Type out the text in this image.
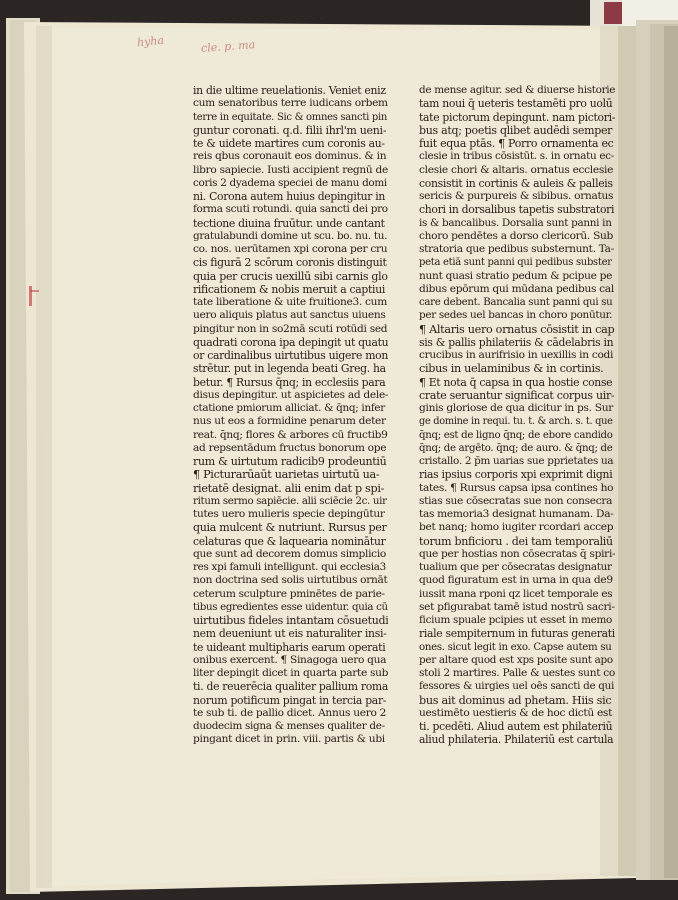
hyha	cle. p. ma
in die ultime reuelationis. Veniet eniz
cum senatoribus terre iudicans orbem
terre in equitate. Sic & omnes sancti pin
guntur coronati. q.d. filii ihrl'm ueni-
te & uidete martires cum coronis au-
reis qbus coronauit eos dominus. & in
libro sapiecie. Iusti accipient regnū de
coris 2 dyadema speciei de manu domi
ni. Corona autem huius depingitur in
forma scuti rotundi. quia sancti dei pro
tectione diuina fruūtur. unde cantant
gratulabundi domine ut scu. bo. nu. tu.
co. nos. uerūtamen xpi corona per cru
cis figurā 2 scōrum coronis distinguit
quia per crucis uexillū sibi carnis glo
rificationem & nobis meruit a captiui
tate liberatione & uite fruitione3. cum
uero aliquis platus aut sanctus uiuens
pingitur non in so2mā scuti rotūdi sed
quadrati corona ipa depingit ut quatu
or cardinalibus uirtutibus uigere mon
strētur. put in legenda beati Greg. ha
betur. ¶ Rursus q̄nq; in ecclesiis para
disus depingitur. ut aspicietes ad dele-
ctatione pmiorum alliciat. & q̄nq; infer
nus ut eos a formidine penarum deter
reat. q̄nq; flores & arbores cū fructib9
ad repsentādum fructus bonorum ope
rum & uirtutum radicib9 prodeuntiū
¶ Picturarūaūt uarietas uirtutū ua-
rietatē designat. alii enim dat p spi-
ritum sermo sapiēcie. alii sciēcie 2c. uir
tutes uero mulieris specie depingūtur
quia mulcent & nutriunt. Rursus per
celaturas que & laquearia nominātur
que sunt ad decorem domus simplicio
res xpi famuli intelligunt. qui ecclesia3
non doctrina sed solis uirtutibus ornāt
ceterum sculpture pminētes de parie-
tibus egredientes esse uidentur. quia cū
uirtutibus fideles intantam cōsuetudi
nem deueniunt ut eis naturaliter insi-
te uideant multipharis earum operati
onibus exercent. ¶ Sinagoga uero qua
liter depingit dicet in quarta parte sub
ti. de reuerēcia qualiter pallium roma
norum potificum pingat in tercia par-
te sub ti. de pallio dicet. Annus uero 2
duodecim signa & menses qualiter de-
pingant dicet in prin. viii. partis & ubi
de mense agitur. sed & diuerse historie
tam noui q̄ ueteris testamēti pro uolū
tate pictorum depingunt. nam pictori-
bus atq; poetis qlibet audēdi semper
fuit equa ptās. ¶ Porro ornamenta ec
clesie in tribus cōsistūt. s. in ornatu ec-
clesie chori & altaris. ornatus ecclesie
consistit in cortinis & auleis & palleis
sericis & purpureis & sibibus. ornatus
chori in dorsalibus tapetis substratori
is & bancalibus. Dorsalia sunt panni in
choro pendētes a dorso clericorū. Sub
stratoria que pedibus substernunt. Ta-
peta etiā sunt panni qui pedibus subster
nunt quasi stratio pedum & pcipue pe
dibus epōrum qui mūdana pedibus cal
care debent. Bancalia sunt panni qui su
per sedes uel bancas in choro ponūtur.
¶ Altaris uero ornatus cōsistit in cap
sis & pallis philateriis & cādelabris in
crucibus in aurifrisio in uexillis in codi
cibus in uelaminibus & in cortinis.
¶ Et nota q̄ capsa in qua hostie conse
crate seruantur significat corpus uir-
ginis gloriose de qua dicitur in ps. Sur
ge domine in requi. tu. t. & arch. s. t. que
q̄nq; est de ligno q̄nq; de ebore candido
q̄nq; de argēto. q̄nq; de auro. & q̄nq; de
cristallo. 2 p̄m uarias sue pprietates ua
rias ipsius corporis xpi exprimit digni
tates. ¶ Rursus capsa ipsa contines ho
stias sue cōsecratas sue non consecra
tas memoria3 designat humanam. Da-
bet nanq; homo iugiter rcordari accep
torum bnficioru . dei tam temporaliū
que per hostias non cōsecratas q̄ spiri-
tualium que per cōsecratas designatur
quod figuratum est in urna in qua de9
iussit mana rponi qz licet temporale es
set pfigurabat tamē istud nostrū sacri-
ficium spuale pcipies ut esset in memo
riale sempiternum in futuras generati
ones. sicut legit in exo. Capse autem su
per altare quod est xps posite sunt apo
stoli 2 martires. Palle & uestes sunt co
fessores & uirgies uel oēs sancti de qui
bus ait dominus ad phetam. Hiis sic
uestimēto uestieris & de hoc dictū est
ti. pcedēti. Aliud autem est philateriū
aliud philateria. Philateriū est cartula
